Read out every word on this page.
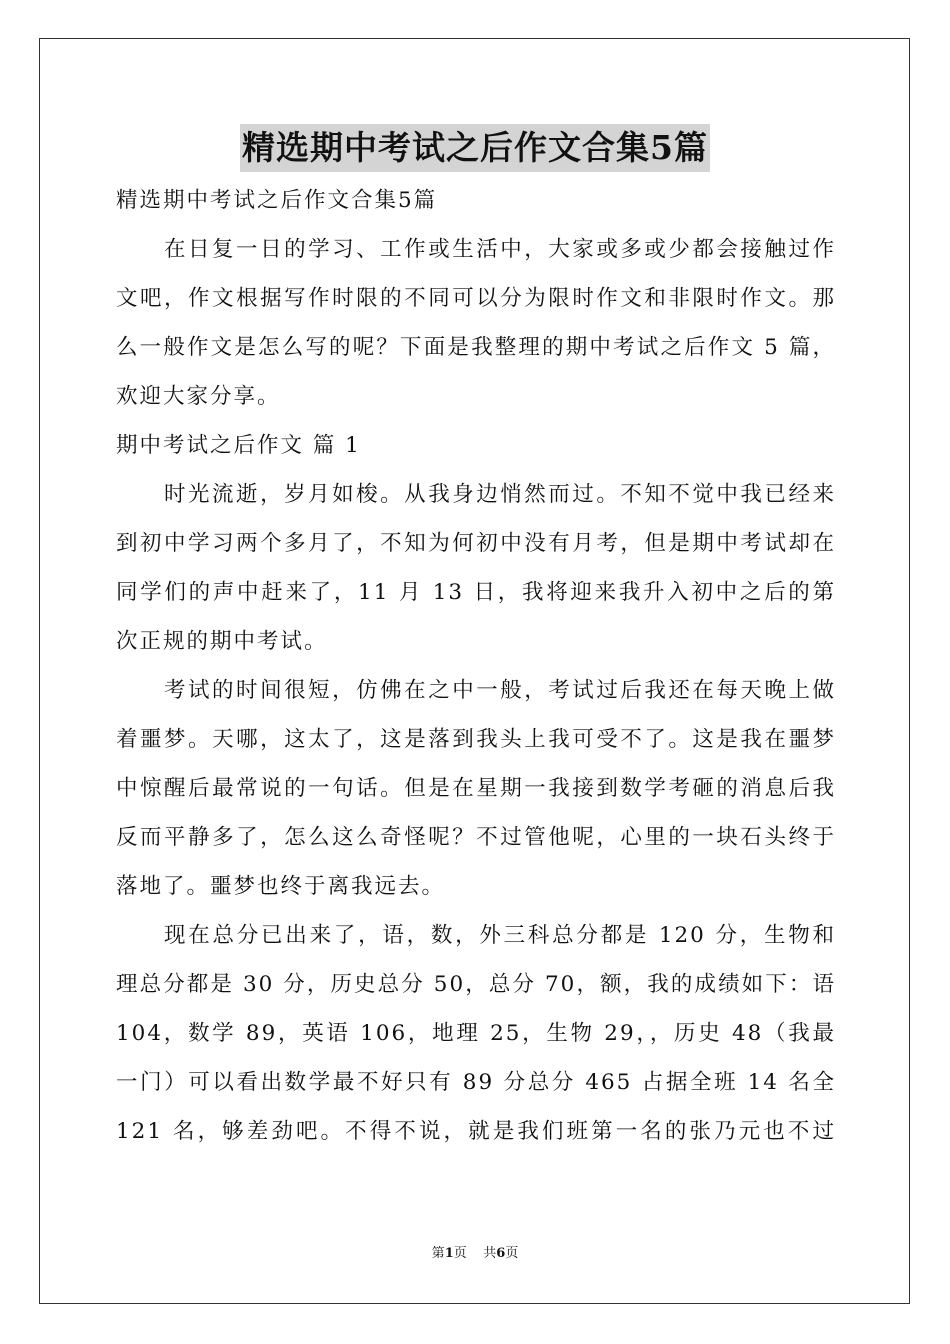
精选期中考试之后作文合集5篇
精选期中考试之后作文合集5篇
在日复一日的学习、工作或生活中，大家或多或少都会接触过作
文吧，作文根据写作时限的不同可以分为限时作文和非限时作文。那
么一般作文是怎么写的呢？下面是我整理的期中考试之后作文 5 篇，
欢迎大家分享。
期中考试之后作文 篇 1
时光流逝，岁月如梭。从我身边悄然而过。不知不觉中我已经来
到初中学习两个多月了，不知为何初中没有月考，但是期中考试却在
同学们的声中赶来了，11 月 13 日，我将迎来我升入初中之后的第
次正规的期中考试。
考试的时间很短，仿佛在之中一般，考试过后我还在每天晚上做
着噩梦。天哪，这太了，这是落到我头上我可受不了。这是我在噩梦
中惊醒后最常说的一句话。但是在星期一我接到数学考砸的消息后我
反而平静多了，怎么这么奇怪呢？不过管他呢，心里的一块石头终于
落地了。噩梦也终于离我远去。
现在总分已出来了，语，数，外三科总分都是 120 分，生物和
理总分都是 30 分，历史总分 50，总分 70，额，我的成绩如下：语
104，数学 89，英语 106，地理 25，生物 29，，历史 48（我最
一门）可以看出数学最不好只有 89 分总分 465 占据全班 14 名全
121 名，够差劲吧。不得不说，就是我们班第一名的张乃元也不过
第1页    共6页
